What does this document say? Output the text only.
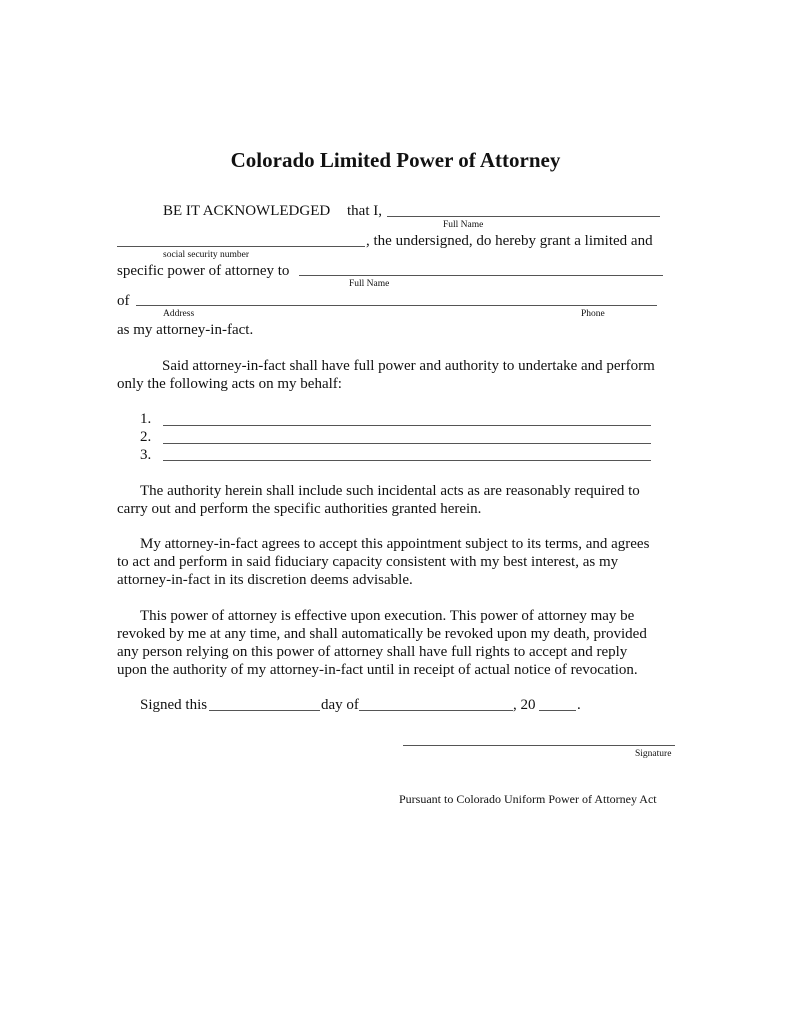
Colorado Limited Power of Attorney
BE IT ACKNOWLEDGED that I,
Full Name
, the undersigned, do hereby grant a limited and
social security number
specific power of attorney to
Full Name
of
Address	Phone
as my attorney-in-fact.
Said attorney-in-fact shall have full power and authority to undertake and perform
only the following acts on my behalf:
1.
2.
3.
The authority herein shall include such incidental acts as are reasonably required to
carry out and perform the specific authorities granted herein.
My attorney-in-fact agrees to accept this appointment subject to its terms, and agrees
to act and perform in said fiduciary capacity consistent with my best interest, as my
attorney-in-fact in its discretion deems advisable.
This power of attorney is effective upon execution. This power of attorney may be
revoked by me at any time, and shall automatically be revoked upon my death, provided
any person relying on this power of attorney shall have full rights to accept and reply
upon the authority of my attorney-in-fact until in receipt of actual notice of revocation.
Signed this	day of	, 20	.
Signature
Pursuant to Colorado Uniform Power of Attorney Act
